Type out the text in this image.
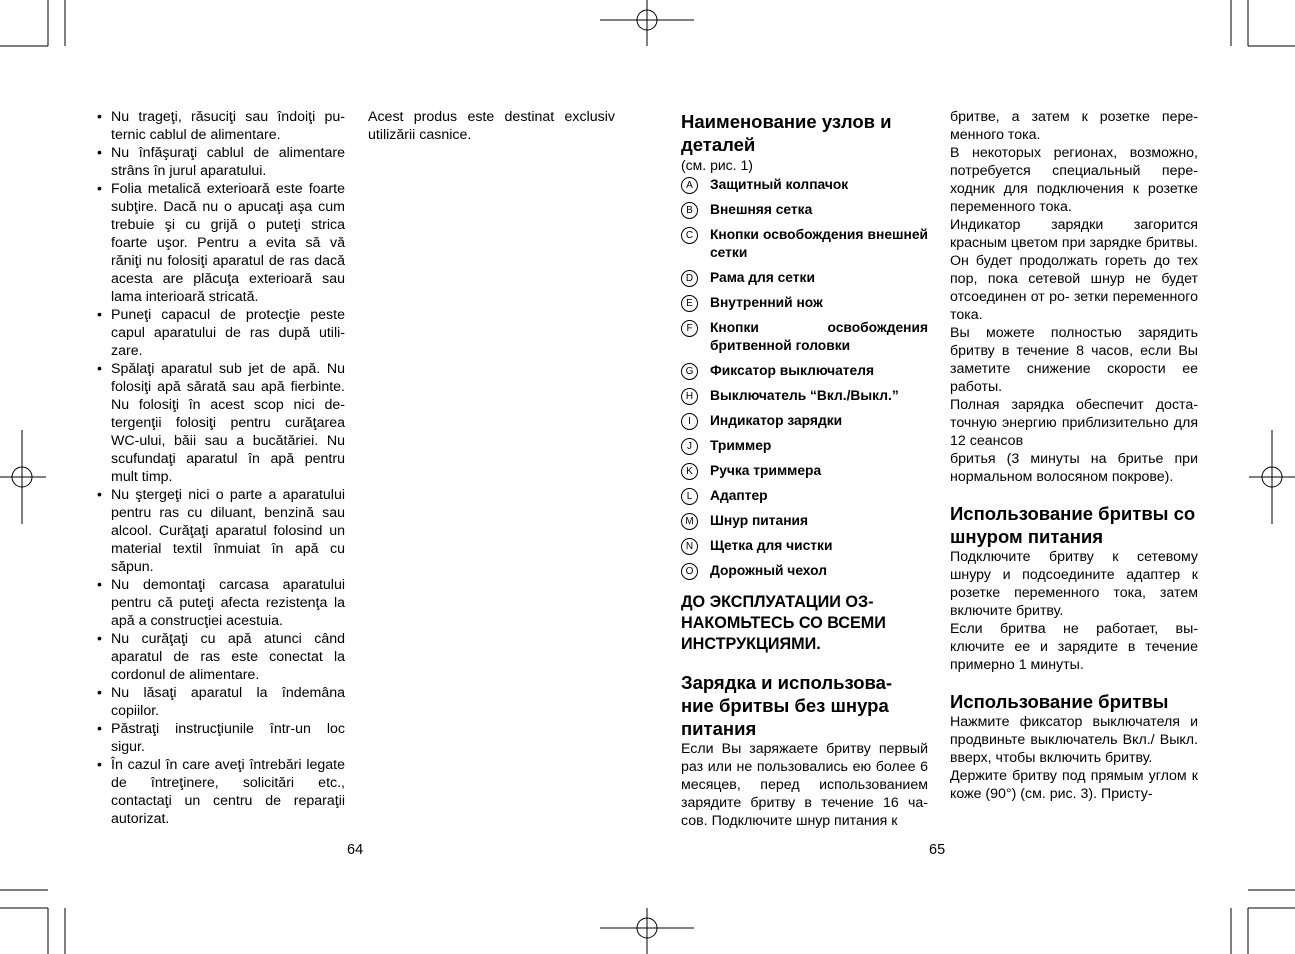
• Nu trageţi, răsuciţi sau îndoiţi pu- ternic cablul de alimentare.
• Nu înfăşuraţi cablul de alimentare strâns în jurul aparatului.
• Folia metalică exterioară este foarte subţire. Dacă nu o apucaţi aşa cum trebuie şi cu grijă o puteţi strica foarte uşor. Pentru a evita să vă răniţi nu folosiţi aparatul de ras dacă acesta are plăcuţa exterioară sau lama interioară stricată.
• Puneţi capacul de protecţie peste capul aparatului de ras după utili- zare.
• Spălaţi aparatul sub jet de apă. Nu folosiţi apă sărată sau apă fierbinte. Nu folosiţi în acest scop nici de- tergenţii folosiţi pentru curăţarea WC-ului, băii sau a bucătăriei. Nu scufundaţi aparatul în apă pentru mult timp.
• Nu ştergeţi nici o parte a aparatului pentru ras cu diluant, benzină sau alcool. Curăţaţi aparatul folosind un material textil înmuiat în apă cu săpun.
• Nu demontaţi carcasa aparatului pentru că puteţi afecta rezistenţa la apă a construcţiei acestuia.
• Nu curăţaţi cu apă atunci când aparatul de ras este conectat la cordonul de alimentare.
• Nu lăsaţi aparatul la îndemâna copiilor.
• Păstraţi instrucţiunile într-un loc sigur.
• În cazul în care aveţi întrebări legate de întreţinere, solicitări etc., contactaţi un centru de reparaţii autorizat.

Acest produs este destinat exclusiv utilizării casnice.

64
Наименование узлов и деталей

(см. рис. 1)

A	Защитный колпачок
B	Внешняя сетка
C	Кнопки освобождения внешней сетки
D	Рама для сетки
E	Внутренний нож
F	Кнопки освобождения бритвенной головки
G	Фиксатор выключателя
H	Выключатель “Вкл./Выкл.”
I	Индикатор зарядки
J	Триммер
K	Ручка триммера
L	Адаптер
M	Шнур питания
N	Щетка для чистки
O	Дорожный чехол

ДО ЭКСПЛУАТАЦИИ ОЗ- НАКОМЬТЕСЬ СО ВСЕМИ ИНСТРУКЦИЯМИ.

Зарядка и использова- ние бритвы без шнура питания

Если Вы заряжаете бритву первый раз или не пользовались ею более 6 месяцев, перед использованием зарядите бритву в течение 16 ча- сов. Подключите шнур питания к

65

бритве, а затем к розетке пере- менного тока.

В некоторых регионах, возможно, потребуется специальный пере- ходник для подключения к розетке переменного тока.

Индикатор зарядки загорится красным цветом при зарядке бритвы. Он будет продолжать гореть до тех пор, пока сетевой шнур не будет отсоединен от ро- зетки переменного тока.

Вы можете полностью зарядить бритву в течение 8 часов, если Вы заметите снижение скорости ее работы.

Полная зарядка обеспечит доста- точную энергию приблизительно для 12 сеансов

бритья (3 минуты на бритье при нормальном волосяном покрове).

Использование бритвы со шнуром питания

Подключите бритву к сетевому шнуру и подсоедините адаптер к розетке переменного тока, затем включите бритву.

Если бритва не работает, вы- ключите ее и зарядите в течение примерно 1 минуты.

Использование бритвы

Нажмите фиксатор выключателя и продвиньте выключатель Вкл./ Выкл. вверх, чтобы включить бритву.

Держите бритву под прямым углом к коже (90°) (см. рис. 3). Присту-
